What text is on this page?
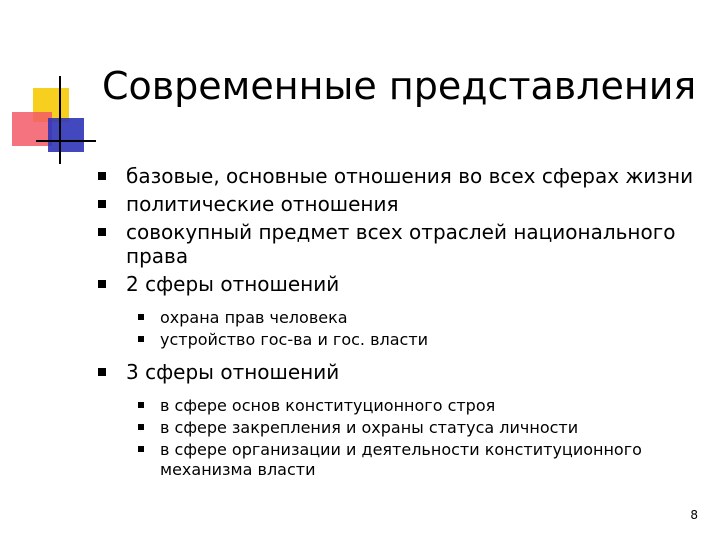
Современные представления
базовые, основные отношения во всех сферах жизни
политические отношения
совокупный предмет всех отраслей национального права
2 сферы отношений
охрана прав человека
устройство гос-ва и гос. власти
3 сферы отношений
в сфере основ конституционного строя
в сфере закрепления и охраны статуса личности
в сфере организации и деятельности конституционного механизма власти
8
